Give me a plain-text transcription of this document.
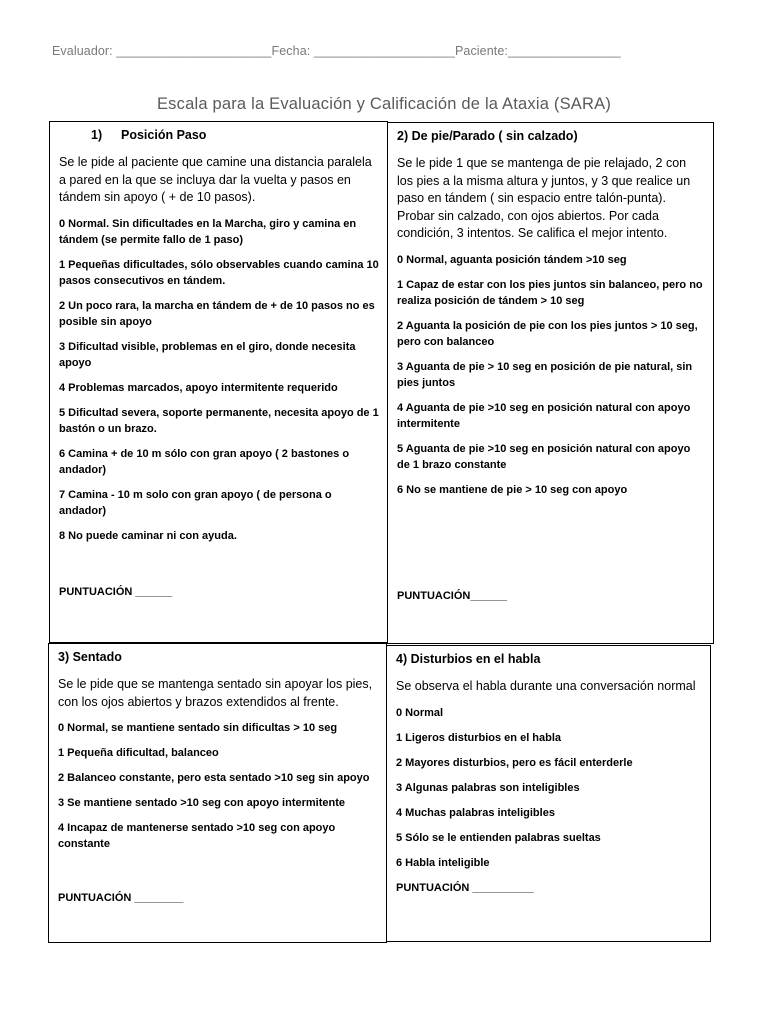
Evaluador: ______________________Fecha: ____________________Paciente:________________
Escala para la Evaluación y Calificación de la Ataxia (SARA)
1) Posición Paso
Se le pide al paciente que camine una distancia paralela a pared en la que se incluya dar la vuelta y pasos en tándem sin apoyo ( + de 10 pasos).
0 Normal. Sin dificultades en la Marcha, giro y camina en tándem (se permite fallo de 1 paso)
1 Pequeñas dificultades, sólo observables cuando camina 10 pasos consecutivos en tándem.
2 Un poco rara, la marcha en tándem de + de 10 pasos no es posible sin apoyo
3 Dificultad visible, problemas en el giro, donde necesita apoyo
4 Problemas marcados, apoyo intermitente requerido
5 Dificultad severa, soporte permanente, necesita apoyo de 1 bastón o un brazo.
6 Camina + de 10 m sólo con gran apoyo ( 2 bastones o andador)
7 Camina - 10 m solo con gran apoyo ( de persona o andador)
8 No puede caminar ni con ayuda.
PUNTUACIÓN ______
2) De pie/Parado ( sin calzado)
Se le pide 1 que se mantenga de pie relajado, 2 con los pies a la misma altura y juntos, y 3 que realice un paso en tándem ( sin espacio entre talón-punta). Probar sin calzado, con ojos abiertos. Por cada condición, 3 intentos. Se califica el mejor intento.
0 Normal, aguanta posición tándem >10 seg
1 Capaz de estar con los pies juntos sin balanceo, pero no realiza posición de tándem > 10 seg
2 Aguanta la posición de pie con los pies juntos > 10 seg, pero con balanceo
3 Aguanta de pie > 10 seg en posición de pie natural, sin pies juntos
4 Aguanta de pie >10 seg en posición natural con apoyo intermitente
5 Aguanta de pie >10 seg en posición natural con apoyo de 1 brazo constante
6 No se mantiene de pie > 10 seg con apoyo
PUNTUACIÓN______
3) Sentado
Se le pide que se mantenga sentado sin apoyar los pies, con los ojos abiertos y brazos extendidos al frente.
0 Normal, se mantiene sentado sin dificultas > 10 seg
1 Pequeña dificultad, balanceo
2 Balanceo constante, pero esta sentado >10 seg sin apoyo
3 Se mantiene sentado >10 seg con apoyo intermitente
4 Incapaz de mantenerse sentado >10 seg con apoyo constante
PUNTUACIÓN ________
4) Disturbios en el habla
Se observa el habla durante una conversación normal
0 Normal
1 Ligeros disturbios en el habla
2 Mayores disturbios, pero es fácil enterderle
3 Algunas palabras son inteligibles
4 Muchas palabras inteligibles
5 Sólo se le entienden palabras sueltas
6 Habla inteligible
PUNTUACIÓN __________
